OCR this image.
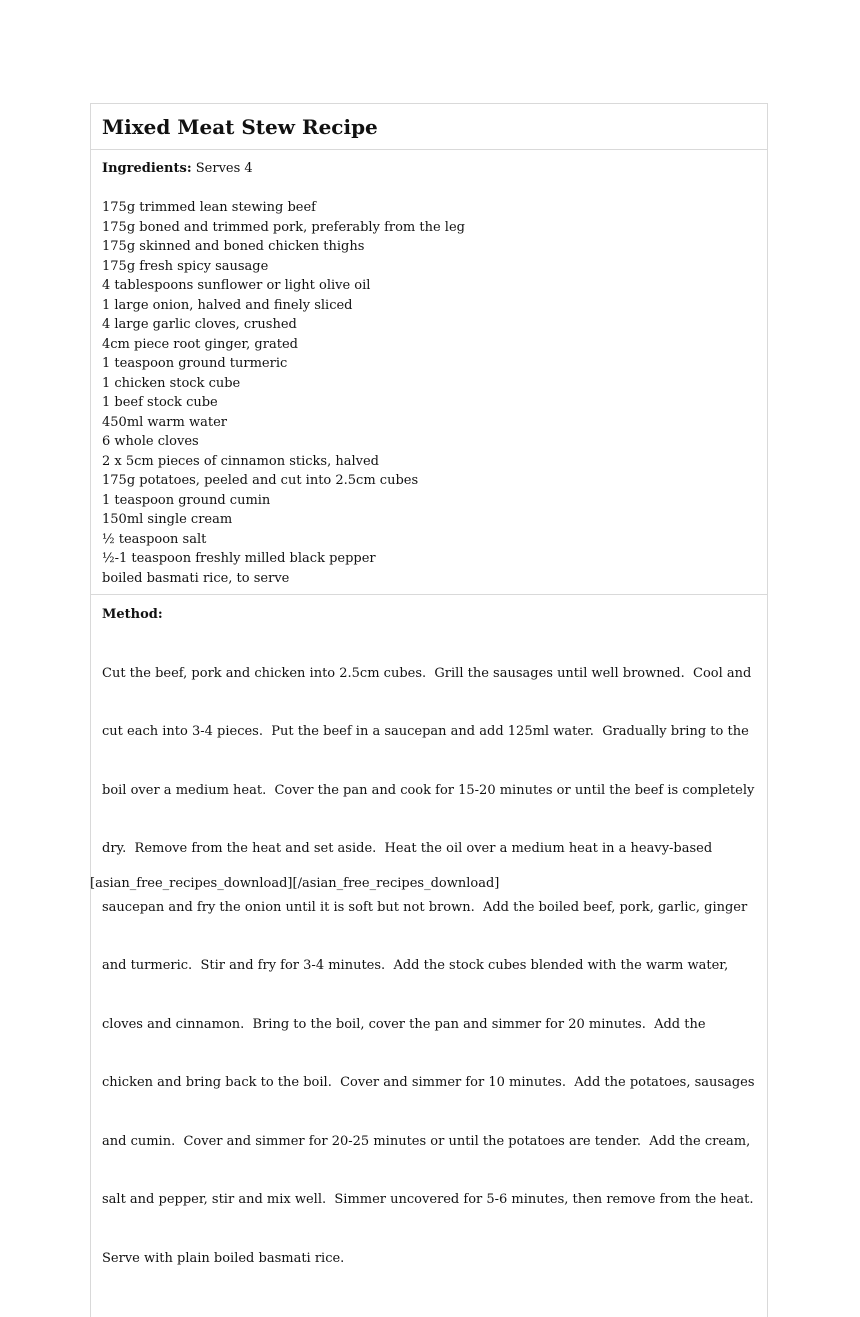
Mixed Meat Stew Recipe
Ingredients: Serves 4
175g trimmed lean stewing beef
175g boned and trimmed pork, preferably from the leg
175g skinned and boned chicken thighs
175g fresh spicy sausage
4 tablespoons sunflower or light olive oil
1 large onion, halved and finely sliced
4 large garlic cloves, crushed
4cm piece root ginger, grated
1 teaspoon ground turmeric
1 chicken stock cube
1 beef stock cube
450ml warm water
6 whole cloves
2 x 5cm pieces of cinnamon sticks, halved
175g potatoes, peeled and cut into 2.5cm cubes
1 teaspoon ground cumin
150ml single cream
½ teaspoon salt
½-1 teaspoon freshly milled black pepper
boiled basmati rice, to serve
Method:

Cut the beef, pork and chicken into 2.5cm cubes.  Grill the sausages until well browned.  Cool and

cut each into 3-4 pieces.  Put the beef in a saucepan and add 125ml water.  Gradually bring to the

boil over a medium heat.  Cover the pan and cook for 15-20 minutes or until the beef is completely

dry.  Remove from the heat and set aside.  Heat the oil over a medium heat in a heavy-based

saucepan and fry the onion until it is soft but not brown.  Add the boiled beef, pork, garlic, ginger

and turmeric.  Stir and fry for 3-4 minutes.  Add the stock cubes blended with the warm water,

cloves and cinnamon.  Bring to the boil, cover the pan and simmer for 20 minutes.  Add the

chicken and bring back to the boil.  Cover and simmer for 10 minutes.  Add the potatoes, sausages

and cumin.  Cover and simmer for 20-25 minutes or until the potatoes are tender.  Add the cream,

salt and pepper, stir and mix well.  Simmer uncovered for 5-6 minutes, then remove from the heat.

Serve with plain boiled basmati rice.

[asian_free_recipes_download][/asian_free_recipes_download]
